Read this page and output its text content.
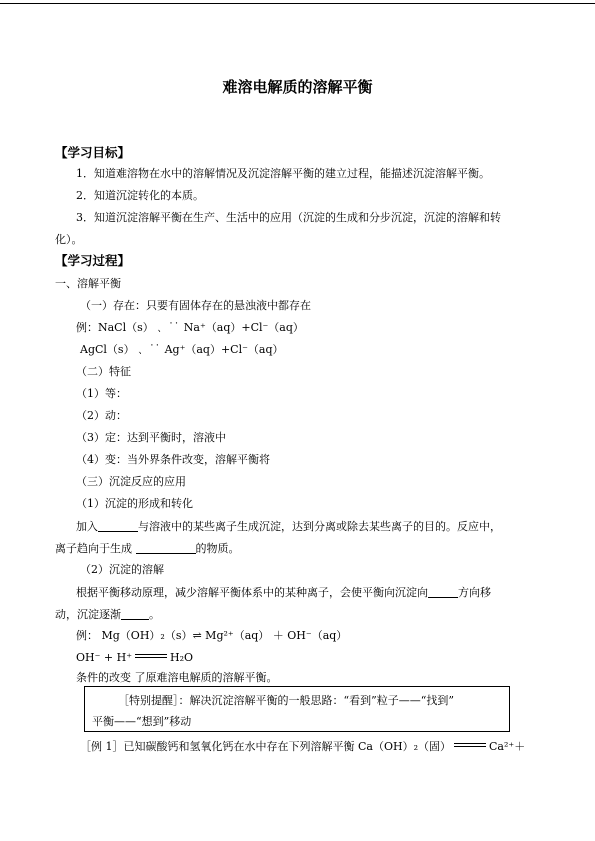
难溶电解质的溶解平衡
【学习目标】
1．知道难溶物在水中的溶解情况及沉淀溶解平衡的建立过程，能描述沉淀溶解平衡。
2．知道沉淀转化的本质。
3．知道沉淀溶解平衡在生产、生活中的应用（沉淀的生成和分步沉淀，沉淀的溶解和转
化）。
【学习过程】
一、溶解平衡
（一）存在：只要有固体存在的悬浊液中都存在
例：NaCl（s）﹑ ˙˙ Na⁺（aq）+Cl⁻（aq）
AgCl（s）﹑ ˙˙ Ag⁺（aq）+Cl⁻（aq）
（二）特征
（1）等：
（2）动：
（3）定：达到平衡时，溶液中
（4）变：当外界条件改变，溶解平衡将
（三）沉淀反应的应用
（1）沉淀的形成和转化
加入	与溶液中的某些离子生成沉淀，达到分离或除去某些离子的目的。反应中，
离子趋向于生成	的物质。
（2）沉淀的溶解
根据平衡移动原理，减少溶解平衡体系中的某种离子，会使平衡向沉淀向	方向移
动，沉淀逐渐	。
例： Mg（OH）₂（s）⇌ Mg²⁺（aq） ＋ OH⁻（aq）
OH⁻ + H⁺	H₂O
条件的改变 了原难溶电解质的溶解平衡。
［特别提醒］：解决沉淀溶解平衡的一般思路：“看到”粒子——“找到”
平衡——“想到”移动
［例 1］已知碳酸钙和氢氧化钙在水中存在下列溶解平衡 Ca（OH）₂（固）	Ca²⁺＋
